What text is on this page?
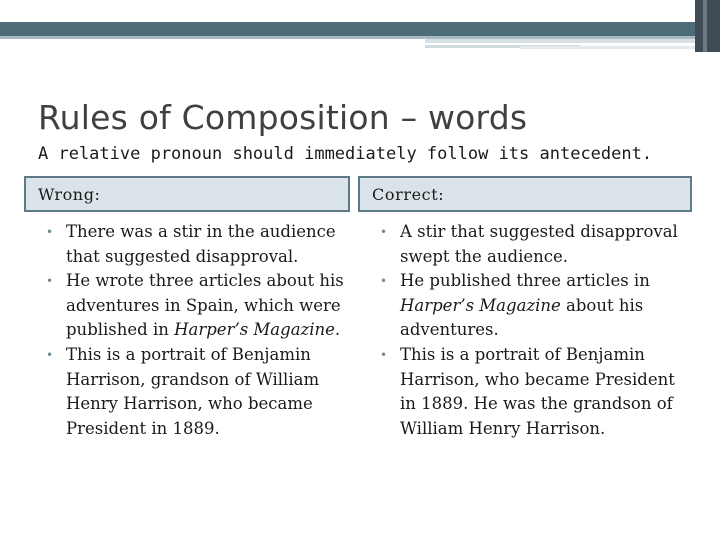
Rules of Composition – words
A relative pronoun should immediately follow its antecedent.
Wrong:
• There was a stir in the audience that suggested disapproval.
• He wrote three articles about his adventures in Spain, which were published in Harper’s Magazine.
• This is a portrait of Benjamin Harrison, grandson of William Henry Harrison, who became President in 1889.
Correct:
• A stir that suggested disapproval swept the audience.
• He published three articles in Harper’s Magazine about his adventures.
• This is a portrait of Benjamin Harrison, who became President in 1889. He was the grandson of William Henry Harrison.
